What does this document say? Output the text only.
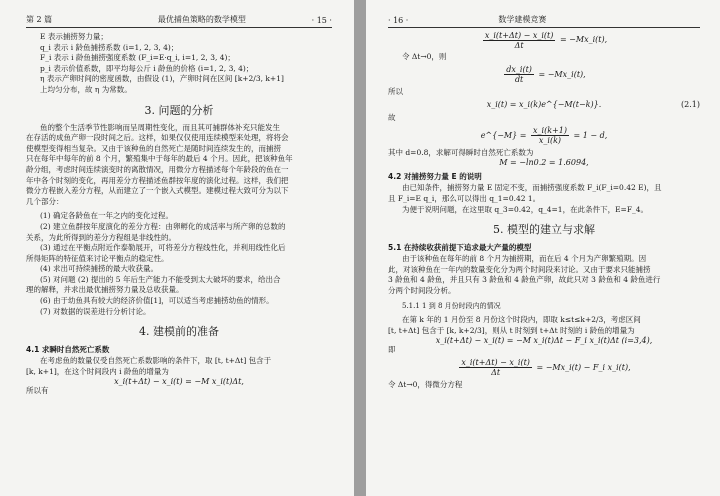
第 2 篇	最优捕鱼策略的数学模型	· 15 ·
E 表示捕捞努力量；
q_i 表示 i 龄鱼捕捞系数 (i=1, 2, 3, 4)；
F_i 表示 i 龄鱼捕捞强度系数 (F_i=E·q_i, i=1, 2, 3, 4)；
p_i 表示价值系数，即平均每公斤 i 龄鱼的价格 (i=1, 2, 3, 4)；
η 表示产卵时间的密度函数，由假设 (1)，产卵时间在区间 [k+2/3, k+1]
上均匀分布，故 η 为常数。
3. 问题的分析
鱼的整个生活季节性影响而呈周期性变化，而且其可捕群体补充只能发生
在存活的成鱼产卵一段时间之后。这样，如果仅仅使用连续模型来处理，将将会
使模型变得相当复杂。又由于该种鱼的自然死亡是随时间连续发生的，而捕捞
只在每年中每年的前 8 个月，繁殖集中于每年的最后 4 个月。因此，把该种鱼年
龄分组，考虑时间连续演变时的离散情况，用微分方程描述每个年龄段的鱼在一
年中各个时刻的变化，再用差分方程描述鱼群按年度的演化过程。这样，我们把
微分方程嵌入差分方程，从而建立了一个嵌入式模型。建模过程大致可分为以下
几个部分：
(1) 确定各龄鱼在一年之内的变化过程。
(2) 建立鱼群按年度演化的差分方程：由卵孵化的成活率与所产卵的总数的
关系，为此所得到的差分方程组是非线性的。
(3) 通过在平衡点附近作泰勒展开，可将差分方程线性化，并利用线性化后
所得矩阵的特征值来讨论平衡点的稳定性。
(4) 求出可持续捕捞的最大收获量。
(5) 对问题 (2) 提出的 5 年后生产能力不能受到太大破坏的要求，给出合
理的解释，并求出最优捕捞努力量及总收获量。
(6) 由于幼鱼具有较大的经济价值[1]，可以适当考虑捕捞幼鱼的情形。
(7) 对数据的误差进行分析讨论。
4. 建模前的准备
4.1 求瞬时自然死亡系数
在考虑鱼的数量仅受自然死亡系数影响的条件下，取 [t, t+Δt] 包含于
[k, k+1]，在这个时间段内 i 龄鱼的增量为
x_i(t+Δt) − x_i(t) = −M x_i(t)Δt,
所以有
· 16 ·	数学建模竞赛
$\frac{x\_i(t+\Delta t) - x\_i(t)}{\Delta t}$ = −Mx_i(t),
令 Δt→0，则
$\frac{dx\_i(t)}{dt}$ = −Mx_i(t),
所以
x_i(t) = x_i(k)e^{−M(t−k)}.	(2.1)
故
e^{−M} = $\frac{x\_i(k+1)}{x\_i(k)} = 1 - d$,
其中 d=0.8，求解可得瞬时自然死亡系数为
M = −ln0.2 = 1.6094,
4.2 对捕捞努力量 E 的说明
由已知条件，捕捞努力量 E 固定不变，而捕捞强度系数 F_i(F_i=0.42 E)，且
且 F_i=E q_i，那么可以得出 q_1=0.42 1。
为便于说明问题，在这里取 q_3=0.42，q_4=1，在此条件下，E=F_4。
5. 模型的建立与求解
5.1 在持续收获前提下追求最大产量的模型
由于该种鱼在每年的前 8 个月为捕捞期，而在后 4 个月为产卵繁殖期。因
此，对该种鱼在一年内的数量变化分为两个时间段来讨论。又由于要求只能捕捞
3 龄鱼和 4 龄鱼，并且只有 3 龄鱼和 4 龄鱼产卵，故此只对 3 龄鱼和 4 龄鱼进行
分两个时间段分析。
5.1.1 1 到 8 月份时段内的情况
在第 k 年的 1 月份至 8 月份这个时段内，即取 k≤t≤k+2/3，考虑区间
[t, t+Δt] 包含于 [k, k+2/3]，则从 t 时刻到 t+Δt 时刻的 i 龄鱼的增量为
x_i(t+Δt) − x_i(t) = −M x_i(t)Δt − F_i x_i(t)Δt (i=3,4),
即
$\frac{x\_i(t+\Delta t) - x\_i(t)}{\Delta t}$ = −Mx_i(t) − F_i x_i(t),
令 Δt→0，得微分方程
